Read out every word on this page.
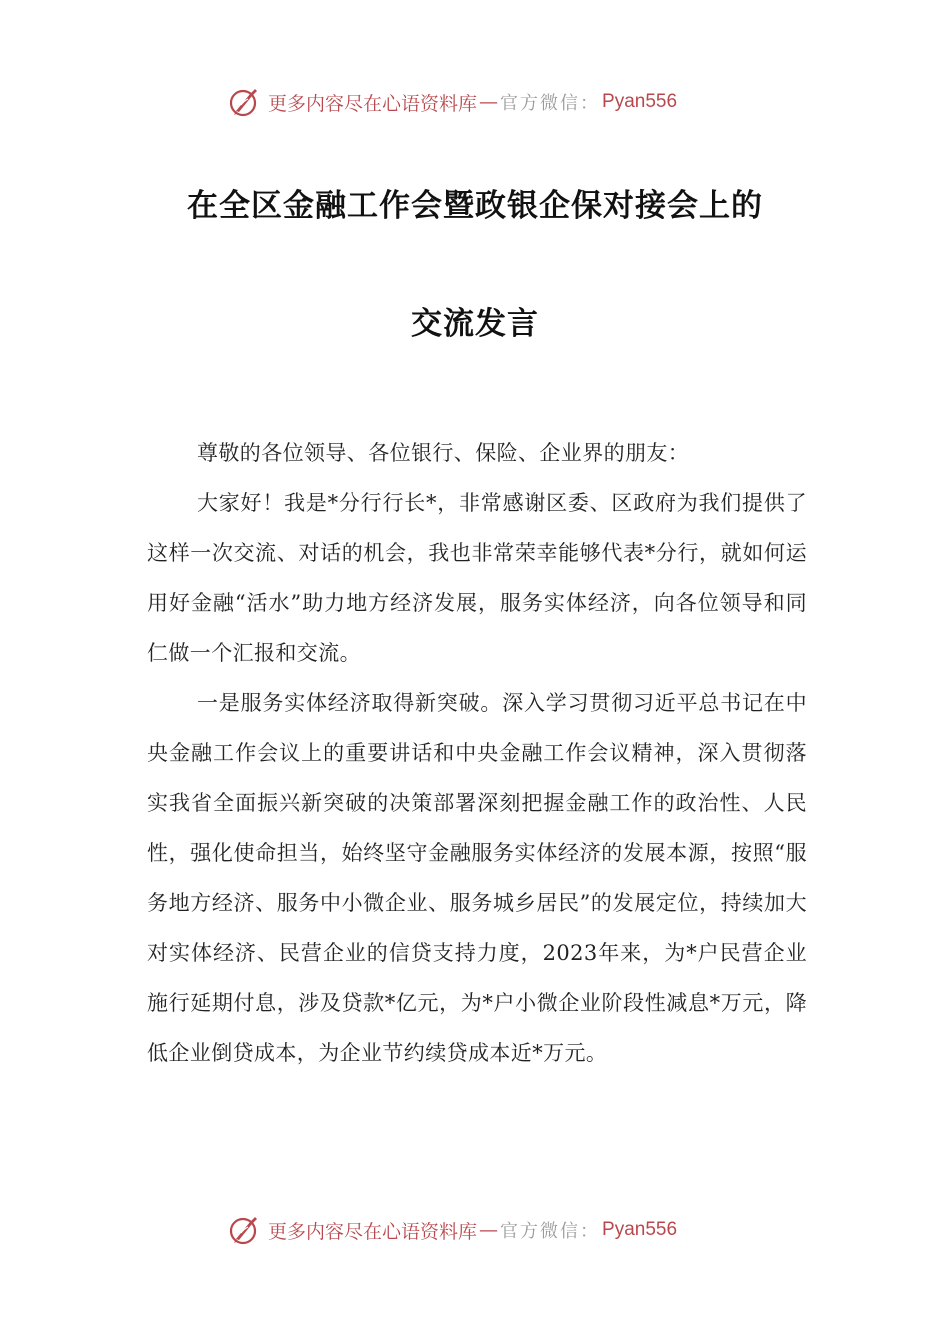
更多内容尽在心语资料库 — 官方微信： Pyan556
在全区金融工作会暨政银企保对接会上的
交流发言

尊敬的各位领导、各位银行、保险、企业界的朋友：

大家好！我是*分行行长*，非常感谢区委、区政府为我们提供了这样一次交流、对话的机会，我也非常荣幸能够代表*分行，就如何运用好金融“活水”助力地方经济发展，服务实体经济，向各位领导和同仁做一个汇报和交流。

一是服务实体经济取得新突破。深入学习贯彻习近平总书记在中央金融工作会议上的重要讲话和中央金融工作会议精神，深入贯彻落实我省全面振兴新突破的决策部署深刻把握金融工作的政治性、人民性，强化使命担当，始终坚守金融服务实体经济的发展本源，按照“服务地方经济、服务中小微企业、服务城乡居民”的发展定位，持续加大对实体经济、民营企业的信贷支持力度，2023年来，为*户民营企业施行延期付息，涉及贷款*亿元，为*户小微企业阶段性减息*万元，降低企业倒贷成本，为企业节约续贷成本近*万元。

更多内容尽在心语资料库 — 官方微信： Pyan556
